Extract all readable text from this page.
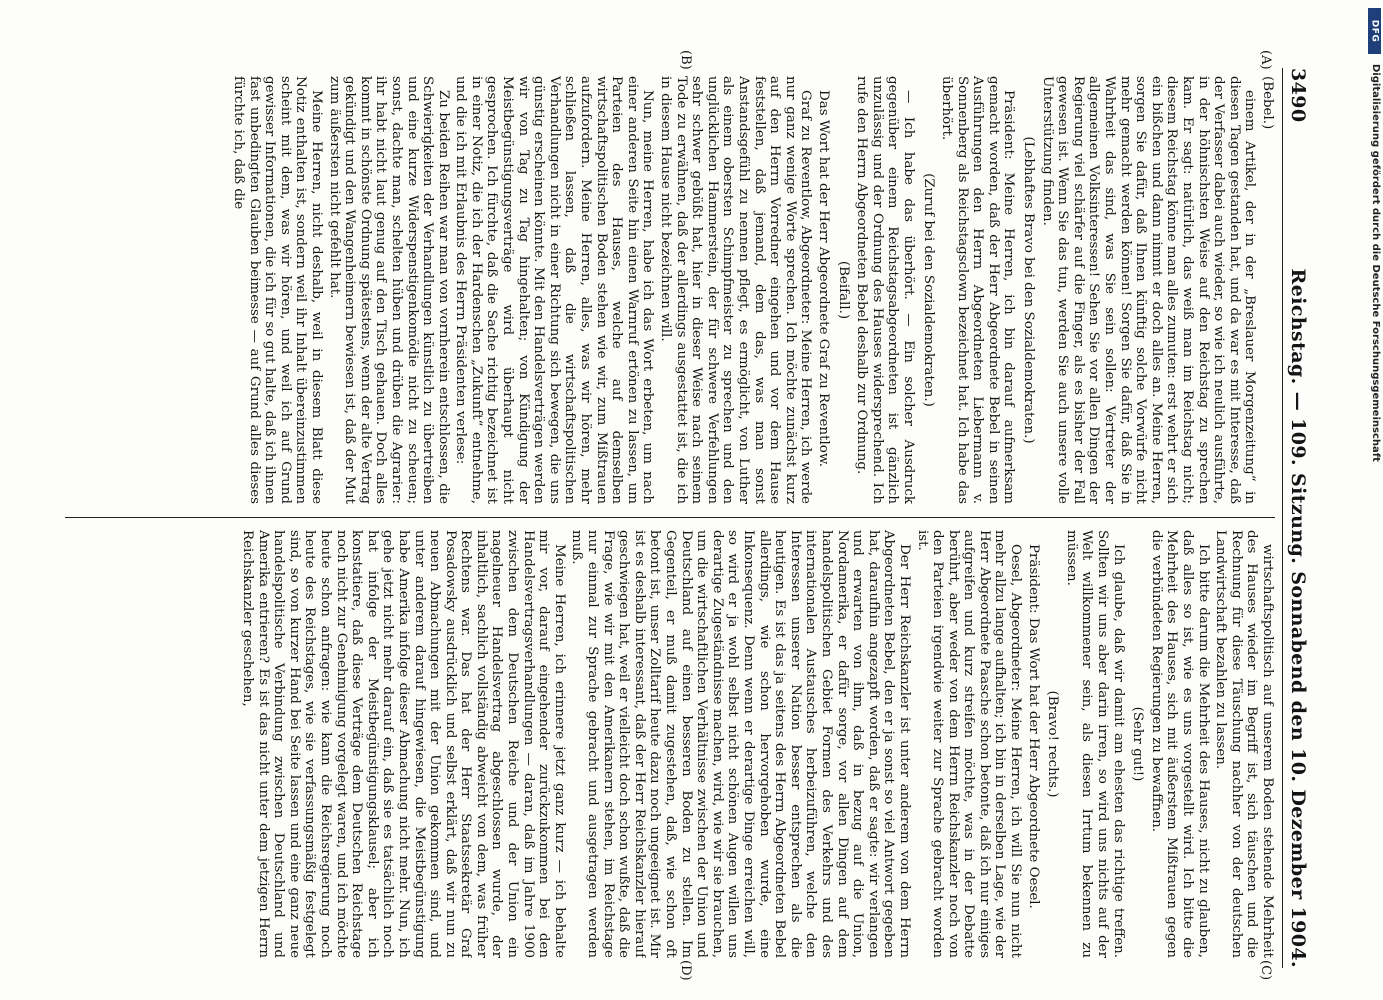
3490
Reichstag. — 109. Sitzung. Sonnabend den 10. Dezember 1904.
(A)
(B)
(C)
(D)

(Bebel.)

einem Artikel, der in der „Breslauer Morgenzeitung“ in diesen Tagen gestanden hat, und da war es mit Interesse, daß der Verfasser dabei auch wieder, so wie ich neulich ausführte, in der höhnischsten Weise auf den Reichstag zu sprechen kam. Er sagt: natürlich, das weiß man im Reichstag nicht; diesem Reichstag könne man alles zumuten: erst wehrt er sich ein bißchen und dann nimmt er doch alles an. Meine Herren, sorgen Sie dafür, daß Ihnen künftig solche Vorwürfe nicht mehr gemacht werden können! Sorgen Sie dafür, daß Sie in Wahrheit das sind, was Sie sein sollen: Vertreter der allgemeinen Volksinteressen! Sehen Sie vor allen Dingen der Regierung viel schärfer auf die Finger, als es bisher der Fall gewesen ist. Wenn Sie das tun, werden Sie auch unsere volle Unterstützung finden.

(Lebhaftes Bravo bei den Sozialdemokraten.)

Präsident: Meine Herren, ich bin darauf aufmerksam gemacht worden, daß der Herr Abgeordnete Bebel in seinen Ausführungen den Herrn Abgeordneten Liebermann v. Sonnenberg als Reichstagsclown bezeichnet hat. Ich habe das überhört.

(Zuruf bei den Sozialdemokraten.)

— Ich habe das überhört. — Ein solcher Ausdruck gegenüber einem Reichstagsabgeordneten ist gänzlich unzulässig und der Ordnung des Hauses widersprechend. Ich rufe den Herrn Abgeordneten Bebel deshalb zur Ordnung.

(Beifall.)

Das Wort hat der Herr Abgeordnete Graf zu Reventlow.

Graf zu Reventlow, Abgeordneter: Meine Herren, ich werde nur ganz wenige Worte sprechen. Ich möchte zunächst kurz auf den Herrn Vorredner eingehen und vor dem Hause feststellen, daß jemand, dem das, was man sonst Anstandsgefühl zu nennen pflegt, es ermöglicht, von Luther als einem obersten Schimpfmeister zu sprechen und den unglücklichen Hammerstein, der für schwere Verfehlungen sehr schwer gebüßt hat, hier in dieser Weise nach seinem Tode zu erwähnen, daß der allerdings ausgestattet ist, die ich in diesem Hause nicht bezeichnen will.

Nun, meine Herren, habe ich das Wort erbeten, um nach einer anderen Seite hin einen Warnruf ertönen zu lassen, um Parteien des Hauses, welche auf demselben wirtschaftspolitischen Boden stehen wie wir, zum Mißtrauen aufzufordern. Meine Herren, alles, was wir hören, mehr schließen lassen, daß die wirtschaftspolitischen Verhandlungen nicht in einer Richtung sich bewegen, die uns günstig erscheinen könnte. Mit den Handelsverträgen werden wir von Tag zu Tag hingehalten; von Kündigung der Meistbegünstigungsverträge wird überhaupt nicht gesprochen. Ich fürchte, daß die Sache richtig bezeichnet ist in einer Notiz, die ich der Hardenschen „Zukunft“ entnehme, und die ich mit Erlaubnis des Herrn Präsidenten verlese:

Zu beiden Reihen war man von vornherein entschlossen, die Schwierigkeiten der Verhandlungen künstlich zu übertreiben und eine kurze Widerspenstigenkomödie nicht zu scheuen; sonst, dachte man, schelten hüben und drüben die Agrarier: ihr habt nicht laut genug auf den Tisch gehauen. Doch alles kommt in schönste Ordnung spätestens, wenn der alte Vertrag gekündigt und den Wangenheimern bewiesen ist, daß der Mut zum äußersten nicht gefehlt hat.

Meine Herren, nicht deshalb, weil in diesem Blatt diese Notiz enthalten ist, sondern weil ihr Inhalt übereinzustimmen scheint mit dem, was wir hören, und weil ich auf Grund gewisser Informationen, die ich für so gut halte, daß ich ihnen fast unbedingten Glauben beimesse — auf Grund alles dieses fürchte ich, daß die

wirtschaftspolitisch auf unserem Boden stehende Mehrheit des Hauses wieder im Begriff ist, sich täuschen und die Rechnung für diese Täuschung nachher von der deutschen Landwirtschaft bezahlen zu lassen.

Ich bitte darum die Mehrheit des Hauses, nicht zu glauben, daß alles so ist, wie es uns vorgestellt wird. Ich bitte die Mehrheit des Hauses, sich mit äußerstem Mißtrauen gegen die verbündeten Regierungen zu bewaffnen.

(Sehr gut!)

Ich glaube, daß wir damit am ehesten das richtige treffen. Sollten wir uns aber darin irren, so wird uns nichts auf der Welt willkommener sein, als diesen Irrtum bekennen zu müssen.

(Bravo! rechts.)

Präsident: Das Wort hat der Herr Abgeordnete Oesel.

Oesel, Abgeordneter: Meine Herren, ich will Sie nun nicht mehr allzu lange aufhalten; ich bin in derselben Lage, wie der Herr Abgeordnete Paasche schon betonte, daß ich nur einiges aufgreifen und kurz streifen möchte, was in der Debatte berührt, aber weder von dem Herrn Reichskanzler noch von den Parteien irgendwie weiter zur Sprache gebracht worden ist.

Der Herr Reichskanzler ist unter anderem von dem Herrn Abgeordneten Bebel, den er ja sonst so viel Antwort gegeben hat, daraufhin angezapft worden, daß er sagte: wir verlangen und erwarten von ihm, daß in bezug auf die Union, Nordamerika, er dafür sorge, vor allen Dingen auf dem handelspolitischen Gebiet Formen des Verkehrs und des internationalen Austausches herbeizuführen, welche den Interessen unserer Nation besser entsprechen als die heutigen. Es ist das ja seitens des Herrn Abgeordneten Bebel allerdings, wie schon hervorgehoben wurde, eine Inkonsequenz. Denn wenn er derartige Dinge erreichen will, so wird er ja wohl selbst nicht schönen Augen willen uns derartige Zugeständnisse machen, wird, wie wir sie brauchen, um die wirtschaftlichen Verhältnisse zwischen der Union und Deutschland auf einen besseren Boden zu stellen. Im Gegenteil, er muß damit zugestehen, daß, wie schon oft betont ist, unser Zolltarif heute dazu noch ungeeignet ist. Mir ist es deshalb interessant, daß der Herr Reichskanzler hierauf geschwiegen hat, weil er vielleicht doch schon wußte, daß die Frage, wie wir mit den Amerikanern stehen, im Reichstage nur einmal zur Sprache gebracht und ausgetragen werden muß.

Meine Herren, ich erinnere jetzt ganz kurz — ich behalte mir vor, darauf eingehender zurückzukommen bei den Handelsvertragsverhandlungen — daran, daß im Jahre 1900 zwischen dem Deutschen Reiche und der Union ein nagelneuer Handelsvertrag abgeschlossen wurde, der inhaltlich, sachlich vollständig abweicht von dem, was früher Rechtens war. Das hat der Herr Staatssekretär Graf Posadowsky ausdrücklich und selbst erklärt, daß wir nun zu neuen Abmachungen mit der Union gekommen sind, und unter anderem darauf hingewiesen, die Meistbegünstigung habe Amerika infolge dieser Abmachung nicht mehr. Nun, ich gehe jetzt nicht mehr darauf ein, daß sie es tatsächlich noch hat infolge der Meistbegünstigungsklausel; aber ich konstatiere, daß diese Verträge dem Deutschen Reichstage noch nicht zur Genehmigung vorgelegt waren, und ich möchte heute schon anfragen: wie kann die Reichsregierung noch heute des Reichstages, wie sie verfassungsmäßig festgelegt sind, so von kurzer Hand bei Seite lassen und eine ganz neue handelspolitische Verbindung zwischen Deutschland und Amerika entrieren? Es ist das nicht unter dem jetzigen Herrn Reichskanzler geschehen,

DFG
Digitalisierung gefördert durch die Deutsche Forschungsgemeinschaft
